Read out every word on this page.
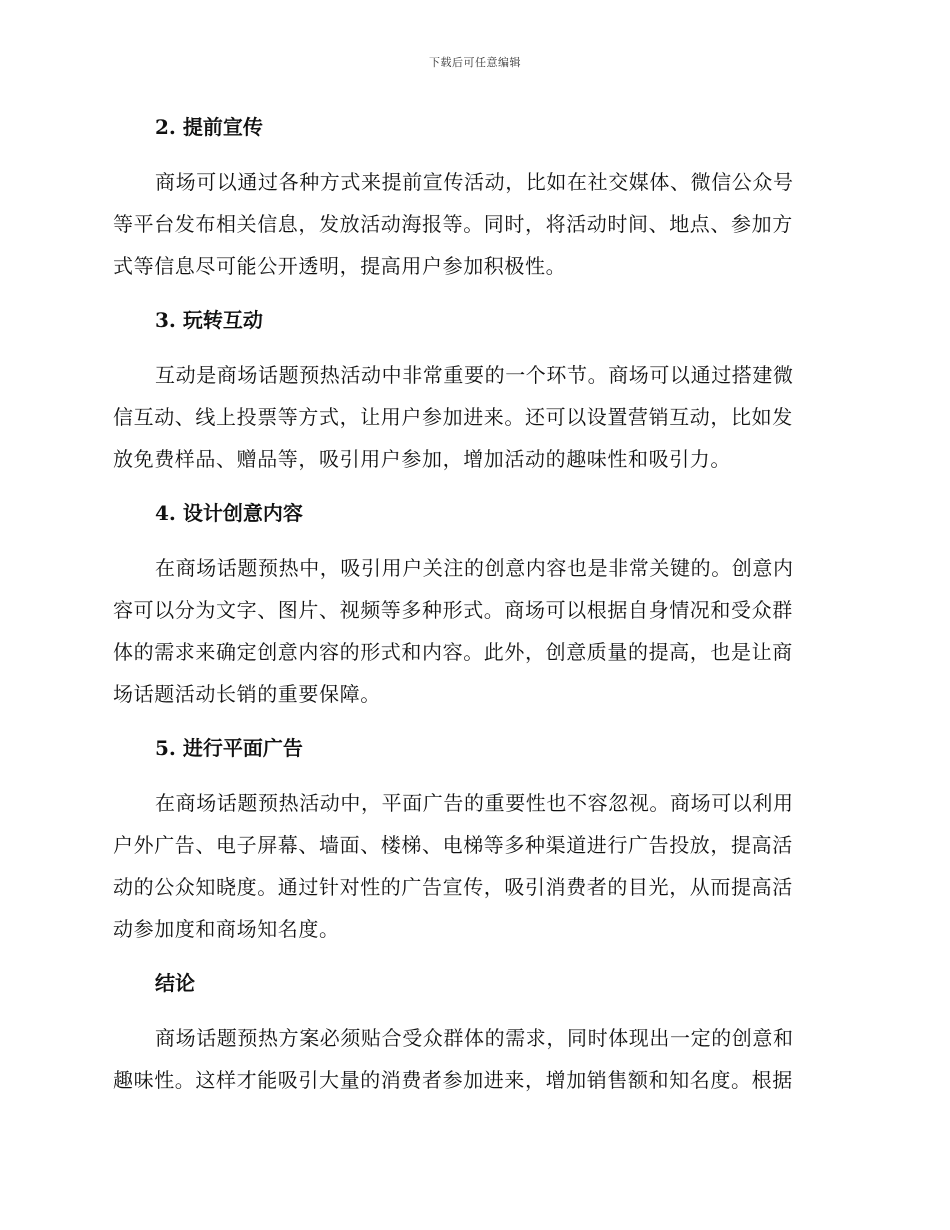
下载后可任意编辑
2. 提前宣传
商场可以通过各种方式来提前宣传活动，比如在社交媒体、微信公众号
等平台发布相关信息，发放活动海报等。同时，将活动时间、地点、参加方
式等信息尽可能公开透明，提高用户参加积极性。
3. 玩转互动
互动是商场话题预热活动中非常重要的一个环节。商场可以通过搭建微
信互动、线上投票等方式，让用户参加进来。还可以设置营销互动，比如发
放免费样品、赠品等，吸引用户参加，增加活动的趣味性和吸引力。
4. 设计创意内容
在商场话题预热中，吸引用户关注的创意内容也是非常关键的。创意内
容可以分为文字、图片、视频等多种形式。商场可以根据自身情况和受众群
体的需求来确定创意内容的形式和内容。此外，创意质量的提高，也是让商
场话题活动长销的重要保障。
5. 进行平面广告
在商场话题预热活动中，平面广告的重要性也不容忽视。商场可以利用
户外广告、电子屏幕、墙面、楼梯、电梯等多种渠道进行广告投放，提高活
动的公众知晓度。通过针对性的广告宣传，吸引消费者的目光，从而提高活
动参加度和商场知名度。
结论
商场话题预热方案必须贴合受众群体的需求，同时体现出一定的创意和
趣味性。这样才能吸引大量的消费者参加进来，增加销售额和知名度。根据
